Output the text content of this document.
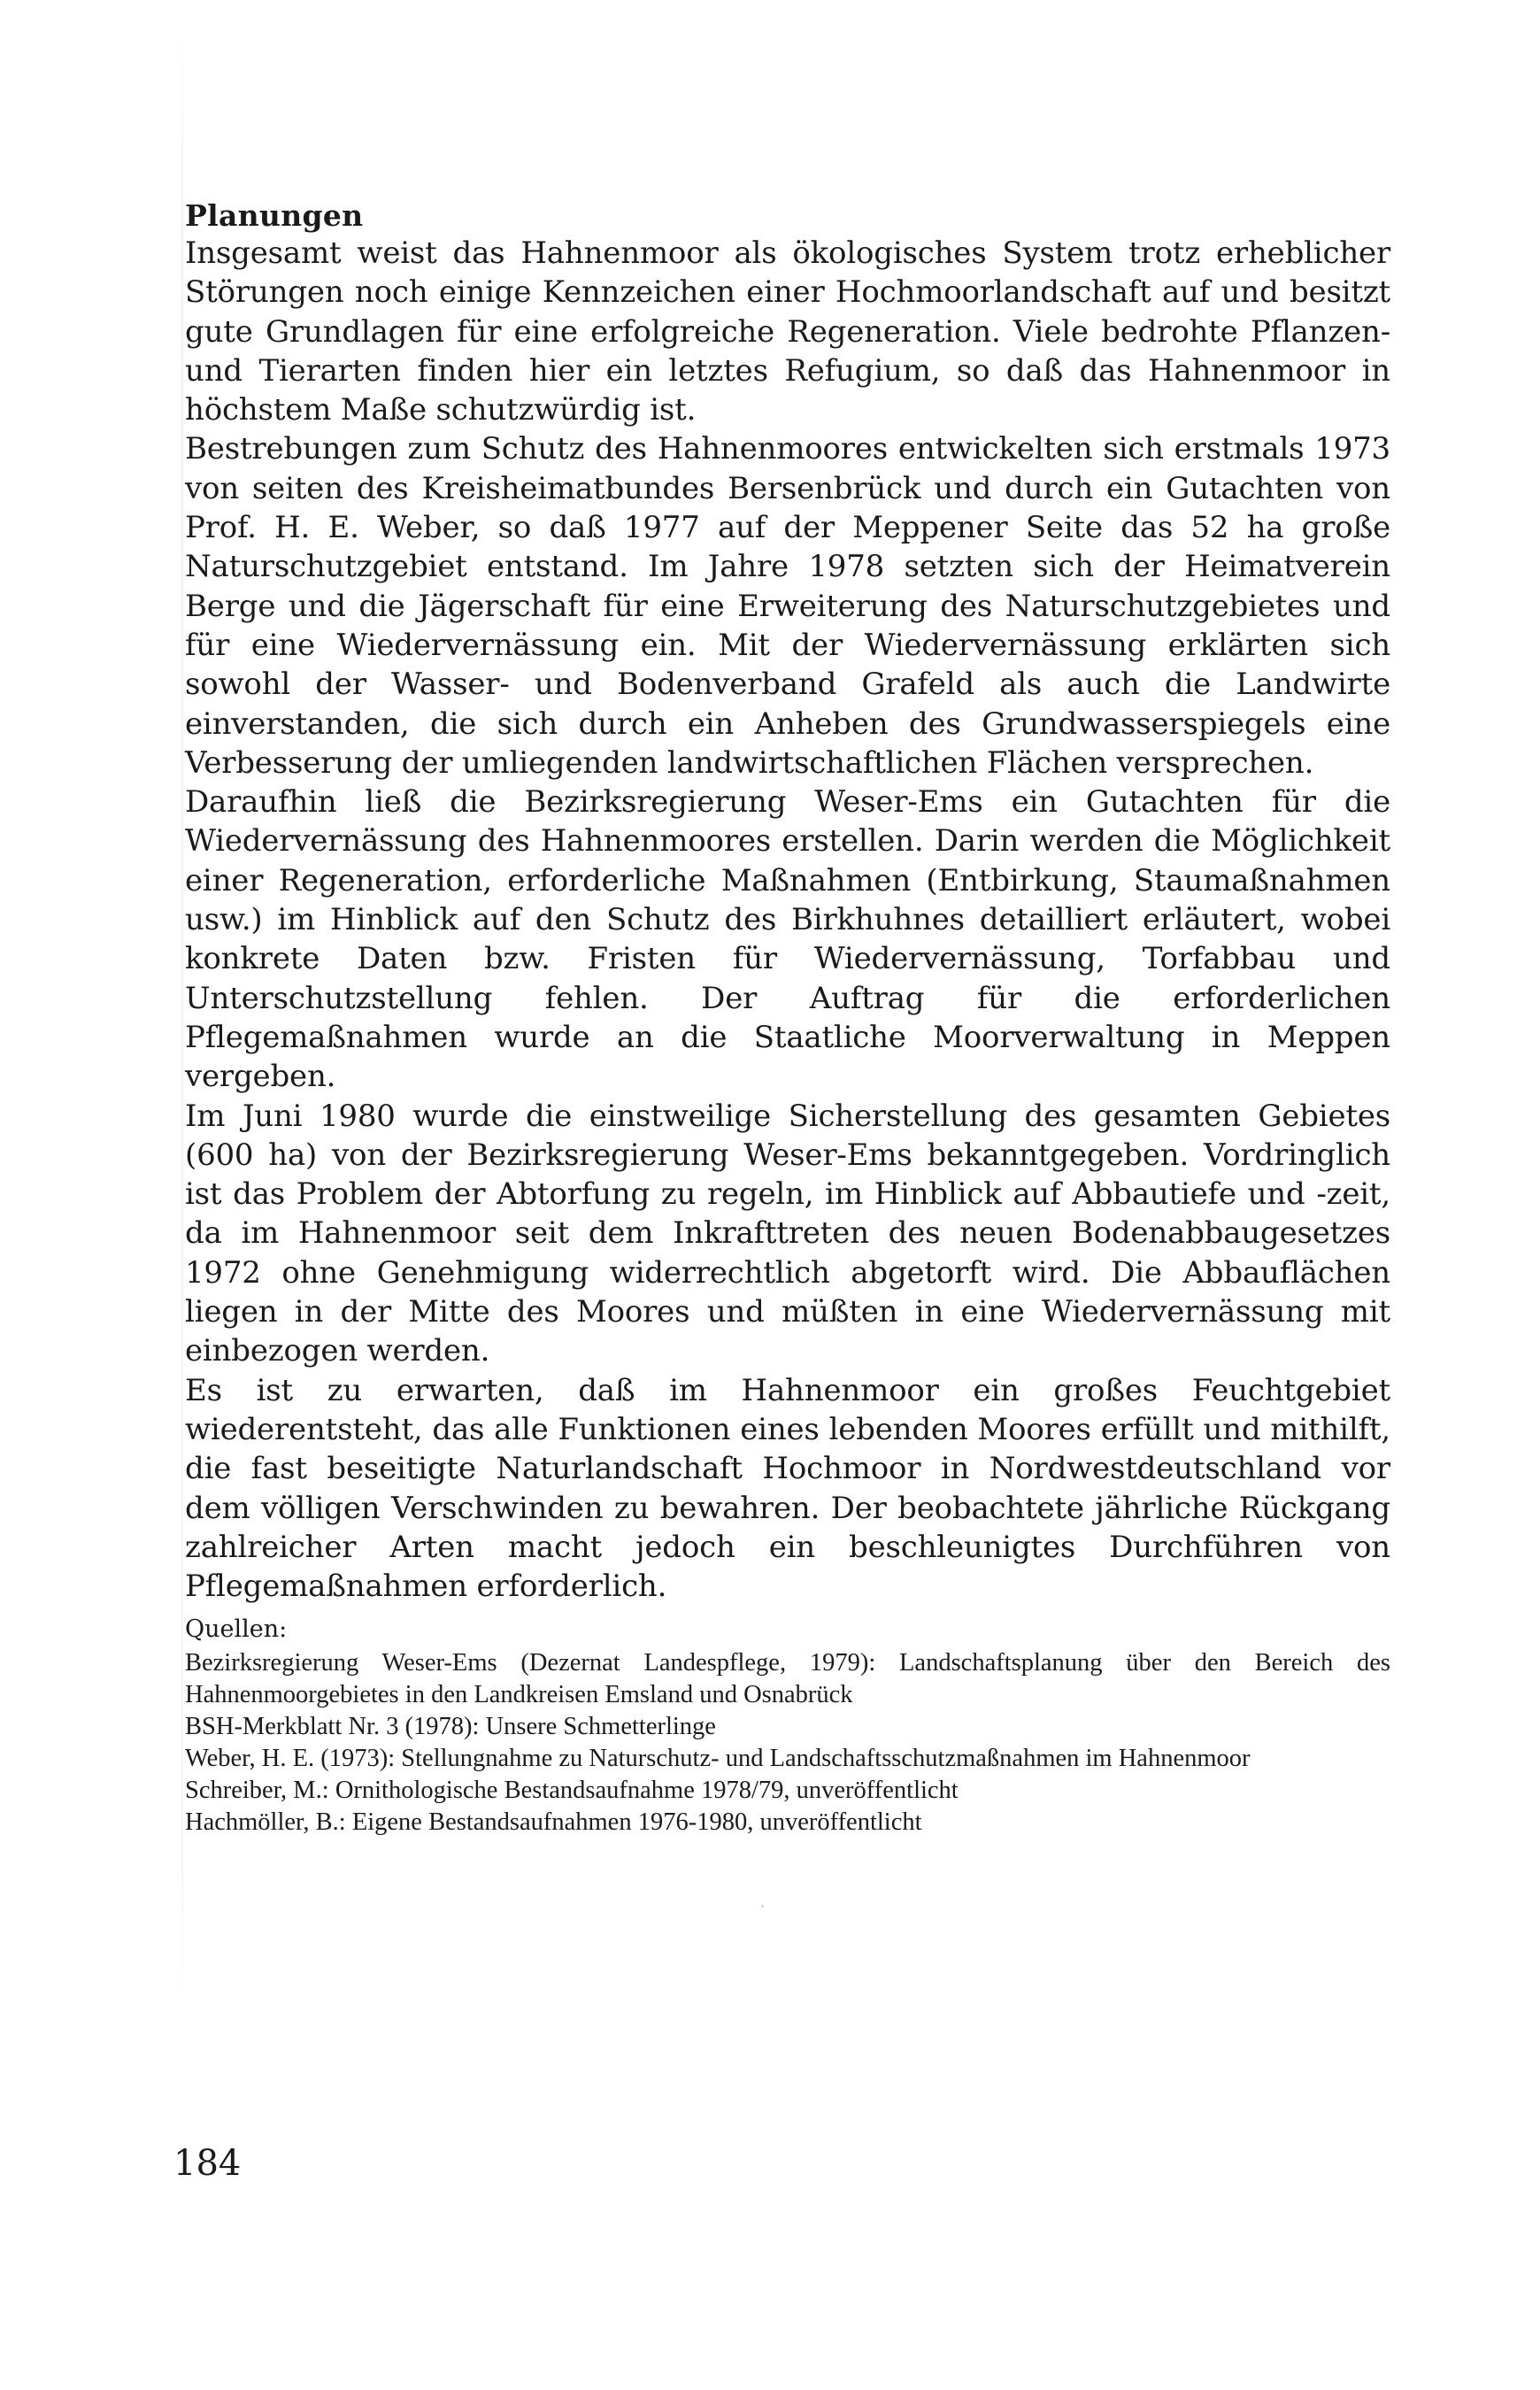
Planungen

Insgesamt weist das Hahnenmoor als ökologisches System trotz erheblicher Störungen noch einige Kennzeichen einer Hochmoorlandschaft auf und besitzt gute Grundlagen für eine erfolgreiche Regeneration. Viele bedrohte Pflanzen- und Tierarten finden hier ein letztes Refugium, so daß das Hahnenmoor in höchstem Maße schutzwürdig ist.

Bestrebungen zum Schutz des Hahnenmoores entwickelten sich erstmals 1973 von seiten des Kreisheimatbundes Bersenbrück und durch ein Gutachten von Prof. H. E. Weber, so daß 1977 auf der Meppener Seite das 52 ha große Naturschutzgebiet entstand. Im Jahre 1978 setzten sich der Heimatverein Berge und die Jägerschaft für eine Erweiterung des Naturschutzgebietes und für eine Wiedervernässung ein. Mit der Wiedervernässung erklärten sich sowohl der Wasser- und Bodenverband Grafeld als auch die Landwirte einverstanden, die sich durch ein Anheben des Grundwasserspiegels eine Verbesserung der umliegenden landwirtschaftlichen Flächen versprechen.

Daraufhin ließ die Bezirksregierung Weser-Ems ein Gutachten für die Wiedervernässung des Hahnenmoores erstellen. Darin werden die Möglichkeit einer Regeneration, erforderliche Maßnahmen (Entbirkung, Staumaßnahmen usw.) im Hinblick auf den Schutz des Birkhuhnes detailliert erläutert, wobei konkrete Daten bzw. Fristen für Wiedervernässung, Torfabbau und Unterschutzstellung fehlen. Der Auftrag für die erforderlichen Pflegemaßnahmen wurde an die Staatliche Moorverwaltung in Meppen vergeben.

Im Juni 1980 wurde die einstweilige Sicherstellung des gesamten Gebietes (600 ha) von der Bezirksregierung Weser-Ems bekanntgegeben. Vordringlich ist das Problem der Abtorfung zu regeln, im Hinblick auf Abbautiefe und -zeit, da im Hahnenmoor seit dem Inkrafttreten des neuen Bodenabbaugesetzes 1972 ohne Genehmigung widerrechtlich abgetorft wird. Die Abbauflächen liegen in der Mitte des Moores und müßten in eine Wiedervernässung mit einbezogen werden.

Es ist zu erwarten, daß im Hahnenmoor ein großes Feuchtgebiet wiederentsteht, das alle Funktionen eines lebenden Moores erfüllt und mithilft, die fast beseitigte Naturlandschaft Hochmoor in Nordwestdeutschland vor dem völligen Verschwinden zu bewahren. Der beobachtete jährliche Rückgang zahlreicher Arten macht jedoch ein beschleunigtes Durchführen von Pflegemaßnahmen erforderlich.

Quellen:

Bezirksregierung Weser-Ems (Dezernat Landespflege, 1979): Landschaftsplanung über den Bereich des Hahnenmoorgebietes in den Landkreisen Emsland und Osnabrück

BSH-Merkblatt Nr. 3 (1978): Unsere Schmetterlinge

Weber, H. E. (1973): Stellungnahme zu Naturschutz- und Landschaftsschutzmaßnahmen im Hahnenmoor

Schreiber, M.: Ornithologische Bestandsaufnahme 1978/79, unveröffentlicht

Hachmöller, B.: Eigene Bestandsaufnahmen 1976-1980, unveröffentlicht

184
